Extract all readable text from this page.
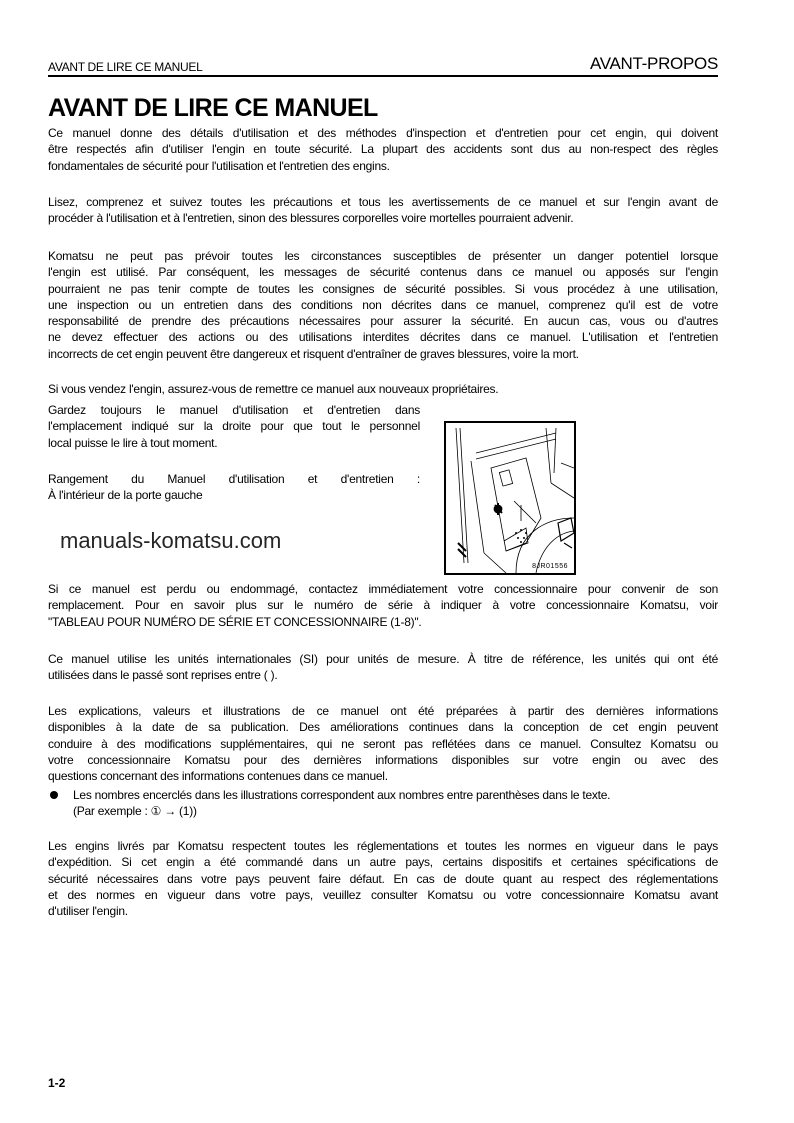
AVANT DE LIRE CE MANUEL	AVANT-PROPOS
AVANT DE LIRE CE MANUEL
Ce manuel donne des détails d'utilisation et des méthodes d'inspection et d'entretien pour cet engin, qui doivent
être respectés afin d'utiliser l'engin en toute sécurité. La plupart des accidents sont dus au non-respect des règles
fondamentales de sécurité pour l'utilisation et l'entretien des engins.
Lisez, comprenez et suivez toutes les précautions et tous les avertissements de ce manuel et sur l'engin avant de
procéder à l'utilisation et à l'entretien, sinon des blessures corporelles voire mortelles pourraient advenir.
Komatsu ne peut pas prévoir toutes les circonstances susceptibles de présenter un danger potentiel lorsque
l'engin est utilisé. Par conséquent, les messages de sécurité contenus dans ce manuel ou apposés sur l'engin
pourraient ne pas tenir compte de toutes les consignes de sécurité possibles. Si vous procédez à une utilisation,
une inspection ou un entretien dans des conditions non décrites dans ce manuel, comprenez qu'il est de votre
responsabilité de prendre des précautions nécessaires pour assurer la sécurité. En aucun cas, vous ou d'autres
ne devez effectuer des actions ou des utilisations interdites décrites dans ce manuel. L'utilisation et l'entretien
incorrects de cet engin peuvent être dangereux et risquent d'entraîner de graves blessures, voire la mort.
Si vous vendez l'engin, assurez-vous de remettre ce manuel aux nouveaux propriétaires.
Gardez toujours le manuel d'utilisation et d'entretien dans
l'emplacement indiqué sur la droite pour que tout le personnel
local puisse le lire à tout moment.
Rangement du Manuel d'utilisation et d'entretien :
À l'intérieur de la porte gauche
Si ce manuel est perdu ou endommagé, contactez immédiatement votre concessionnaire pour convenir de son
remplacement. Pour en savoir plus sur le numéro de série à indiquer à votre concessionnaire Komatsu, voir
"TABLEAU POUR NUMÉRO DE SÉRIE ET CONCESSIONNAIRE (1-8)".
Ce manuel utilise les unités internationales (SI) pour unités de mesure. À titre de référence, les unités qui ont été
utilisées dans le passé sont reprises entre ( ).
Les explications, valeurs et illustrations de ce manuel ont été préparées à partir des dernières informations
disponibles à la date de sa publication. Des améliorations continues dans la conception de cet engin peuvent
conduire à des modifications supplémentaires, qui ne seront pas reflétées dans ce manuel. Consultez Komatsu ou
votre concessionnaire Komatsu pour des dernières informations disponibles sur votre engin ou avec des
questions concernant des informations contenues dans ce manuel.
Les engins livrés par Komatsu respectent toutes les réglementations et toutes les normes en vigueur dans le pays
d'expédition. Si cet engin a été commandé dans un autre pays, certains dispositifs et certaines spécifications de
sécurité nécessaires dans votre pays peuvent faire défaut. En cas de doute quant au respect des réglementations
et des normes en vigueur dans votre pays, veuillez consulter Komatsu ou votre concessionnaire Komatsu avant
d'utiliser l'engin.
Les nombres encerclés dans les illustrations correspondent aux nombres entre parenthèses dans le texte.
(Par exemple : ① → (1))
8JR01556
manuals-komatsu.com
1-2
